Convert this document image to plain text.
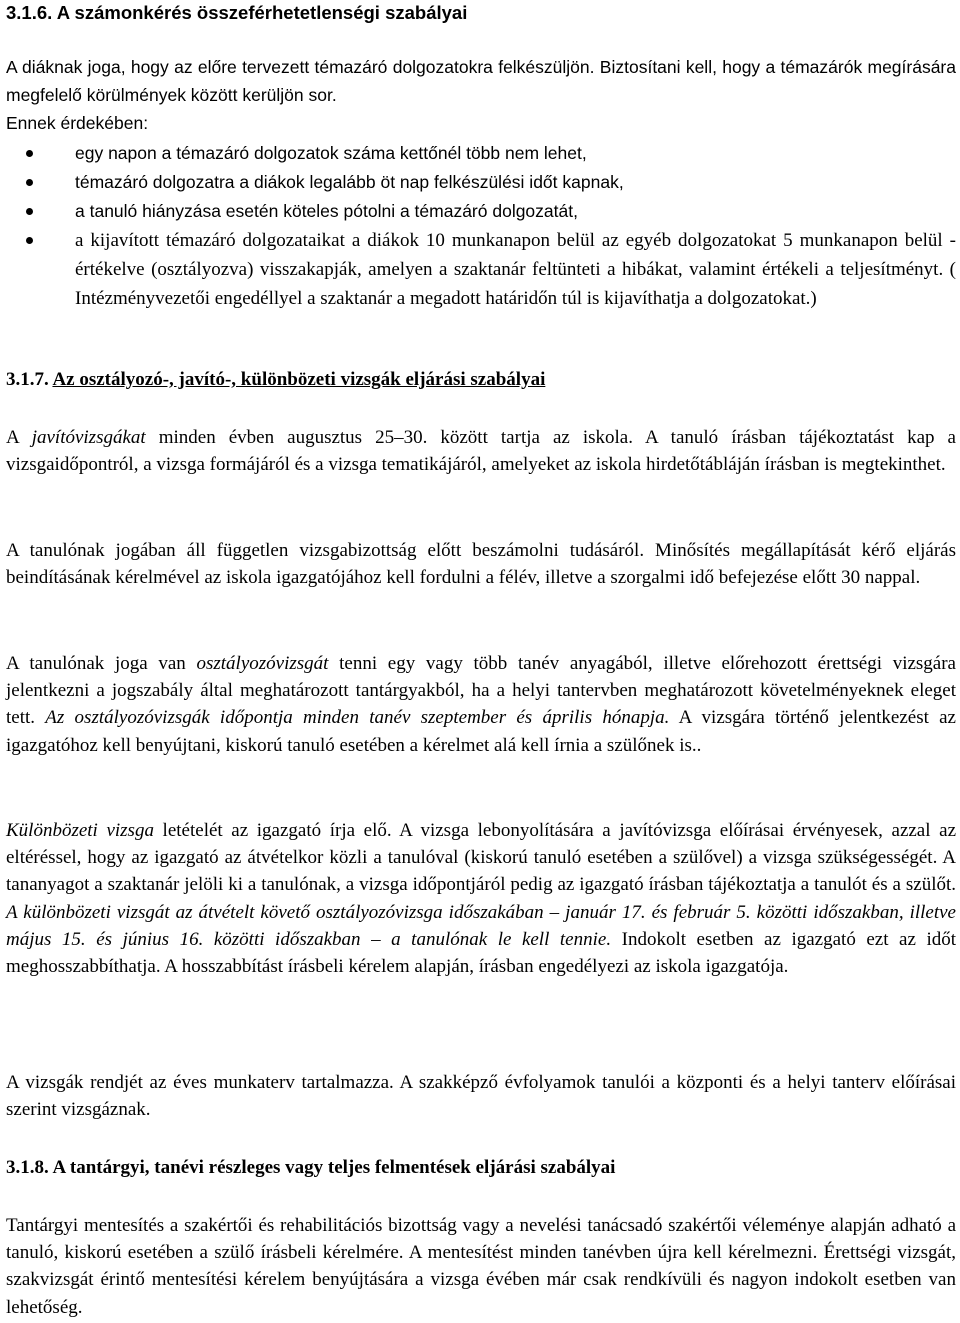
3.1.6. A számonkérés összeférhetetlenségi szabályai

A diáknak joga, hogy az előre tervezett témazáró dolgozatokra felkészüljön. Biztosítani kell, hogy a témazárók megírására megfelelő körülmények között kerüljön sor.

Ennek érdekében:

egy napon a témazáró dolgozatok száma kettőnél több nem lehet,
témazáró dolgozatra a diákok legalább öt nap felkészülési időt kapnak,
a tanuló hiányzása esetén köteles pótolni a témazáró dolgozatát,
a kijavított témazáró dolgozataikat a diákok 10 munkanapon belül az egyéb dolgozatokat 5 munkanapon belül - értékelve (osztályozva) visszakapják, amelyen a szaktanár feltünteti a hibákat, valamint értékeli a teljesítményt. ( Intézményvezetői engedéllyel a szaktanár a megadott határidőn túl is kijavíthatja a dolgozatokat.)
3.1.7. Az osztályozó-, javító-, különbözeti vizsgák eljárási szabályai

A javítóvizsgákat minden évben augusztus 25–30. között tartja az iskola. A tanuló írásban tájékoztatást kap a vizsgaidőpontról, a vizsga formájáról és a vizsga tematikájáról, amelyeket az iskola hirdetőtábláján írásban is megtekinthet.

A tanulónak jogában áll független vizsgabizottság előtt beszámolni tudásáról. Minősítés megállapítását kérő eljárás beindításának kérelmével az iskola igazgatójához kell fordulni a félév, illetve a szorgalmi idő befejezése előtt 30 nappal.

A tanulónak joga van osztályozóvizsgát tenni egy vagy több tanév anyagából, illetve előrehozott érettségi vizsgára jelentkezni a jogszabály által meghatározott tantárgyakból, ha a helyi tantervben meghatározott követelményeknek eleget tett. Az osztályozóvizsgák időpontja minden tanév szeptember és április hónapja. A vizsgára történő jelentkezést az igazgatóhoz kell benyújtani, kiskorú tanuló esetében a kérelmet alá kell írnia a szülőnek is..

Különbözeti vizsga letételét az igazgató írja elő. A vizsga lebonyolítására a javítóvizsga előírásai érvényesek, azzal az eltéréssel, hogy az igazgató az átvételkor közli a tanulóval (kiskorú tanuló esetében a szülővel) a vizsga szükségességét. A tananyagot a szaktanár jelöli ki a tanulónak, a vizsga időpontjáról pedig az igazgató írásban tájékoztatja a tanulót és a szülőt. A különbözeti vizsgát az átvételt követő osztályozóvizsga időszakában – január 17. és február 5. közötti időszakban, illetve május 15. és június 16. közötti időszakban – a tanulónak le kell tennie. Indokolt esetben az igazgató ezt az időt meghosszabbíthatja. A hosszabbítást írásbeli kérelem alapján, írásban engedélyezi az iskola igazgatója.

A vizsgák rendjét az éves munkaterv tartalmazza. A szakképző évfolyamok tanulói a központi és a helyi tanterv előírásai szerint vizsgáznak.

3.1.8. A tantárgyi, tanévi részleges vagy teljes felmentések eljárási szabályai

Tantárgyi mentesítés a szakértői és rehabilitációs bizottság vagy a nevelési tanácsadó szakértői véleménye alapján adható a tanuló, kiskorú esetében a szülő írásbeli kérelmére. A mentesítést minden tanévben újra kell kérelmezni. Érettségi vizsgát, szakvizsgát érintő mentesítési kérelem benyújtására a vizsga évében már csak rendkívüli és nagyon indokolt esetben van lehetőség.
